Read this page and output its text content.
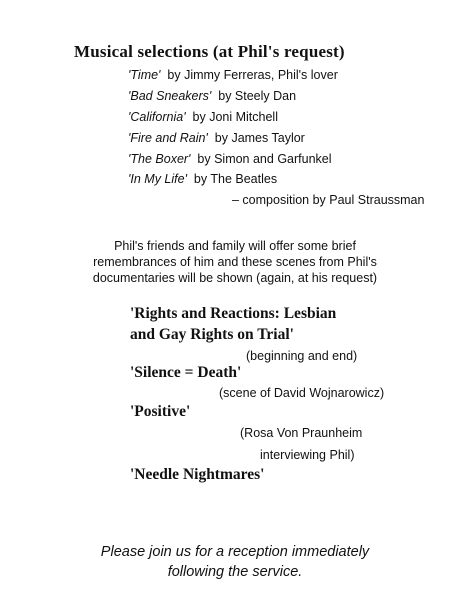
Musical selections (at Phil's request)
'Time' by Jimmy Ferreras, Phil's lover
'Bad Sneakers' by Steely Dan
'California' by Joni Mitchell
'Fire and Rain' by James Taylor
'The Boxer' by Simon and Garfunkel
'In My Life' by The Beatles
– composition by Paul Straussman
Phil's friends and family will offer some brief
remembrances of him and these scenes from Phil's
documentaries will be shown (again, at his request)
'Rights and Reactions: Lesbian
and Gay Rights on Trial'
(beginning and end)
'Silence = Death'
(scene of David Wojnarowicz)
'Positive'
(Rosa Von Praunheim
interviewing Phil)
'Needle Nightmares'
Please join us for a reception immediately
following the service.
